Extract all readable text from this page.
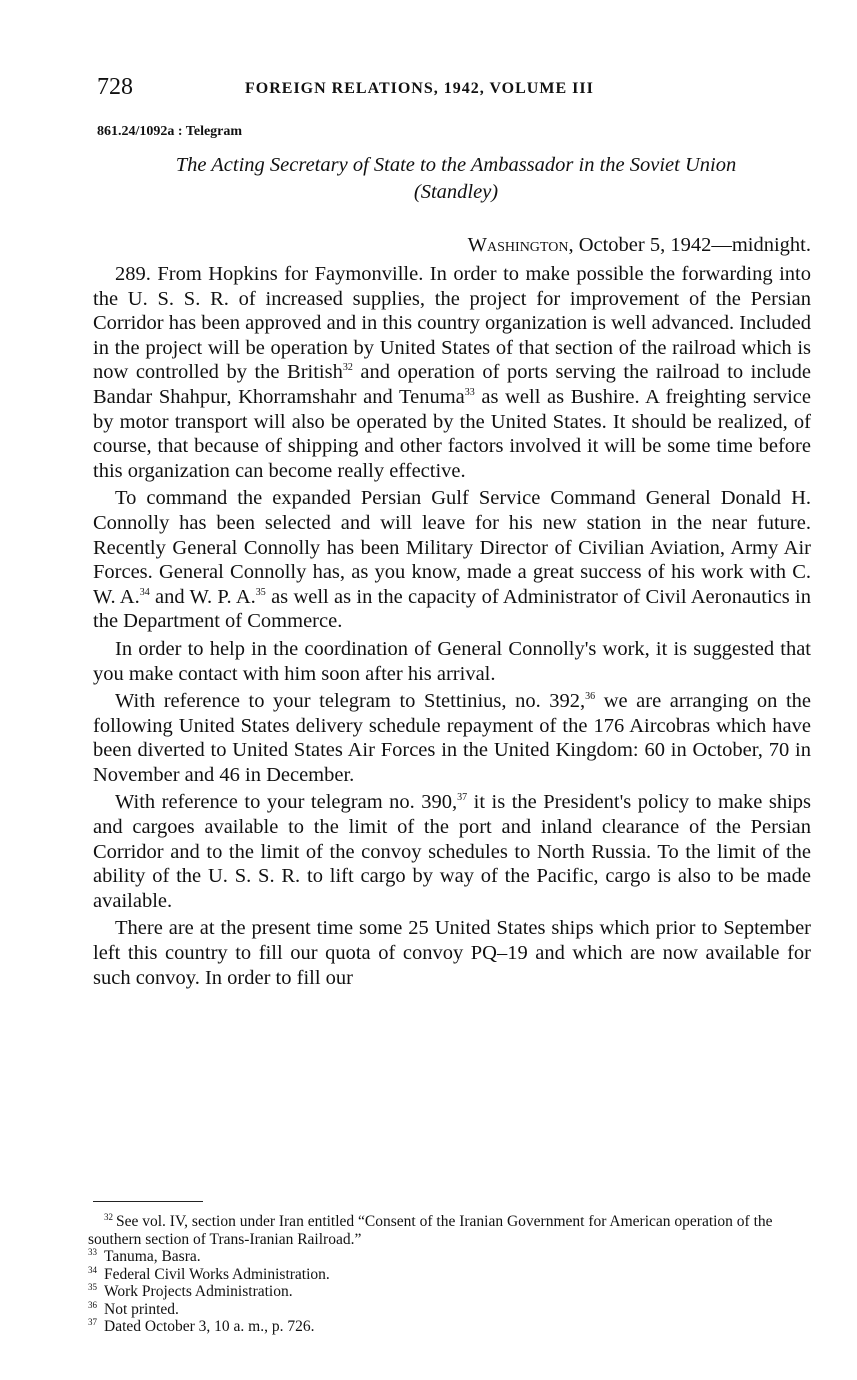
728	FOREIGN RELATIONS, 1942, VOLUME III
861.24/1092a : Telegram
The Acting Secretary of State to the Ambassador in the Soviet Union
(Standley)
Washington, October 5, 1942—midnight.

289. From Hopkins for Faymonville. In order to make possible the forwarding into the U. S. S. R. of increased supplies, the project for improvement of the Persian Corridor has been approved and in this country organization is well advanced. Included in the project will be operation by United States of that section of the railroad which is now controlled by the British$^{32}$ and operation of ports serving the railroad to include Bandar Shahpur, Khorramshahr and Tenuma$^{33}$ as well as Bushire. A freighting service by motor transport will also be operated by the United States. It should be realized, of course, that because of shipping and other factors involved it will be some time before this organization can become really effective.

To command the expanded Persian Gulf Service Command General Donald H. Connolly has been selected and will leave for his new station in the near future. Recently General Connolly has been Military Director of Civilian Aviation, Army Air Forces. General Connolly has, as you know, made a great success of his work with C. W. A.$^{34}$ and W. P. A.$^{35}$ as well as in the capacity of Administrator of Civil Aeronautics in the Department of Commerce.

In order to help in the coordination of General Connolly's work, it is suggested that you make contact with him soon after his arrival.

With reference to your telegram to Stettinius, no. 392,36 we are arranging on the following United States delivery schedule repayment of the 176 Aircobras which have been diverted to United States Air Forces in the United Kingdom: 60 in October, 70 in November and 46 in December.

With reference to your telegram no. 390,37 it is the President's policy to make ships and cargoes available to the limit of the port and inland clearance of the Persian Corridor and to the limit of the convoy schedules to North Russia. To the limit of the ability of the U. S. S. R. to lift cargo by way of the Pacific, cargo is also to be made available.

There are at the present time some 25 United States ships which prior to September left this country to fill our quota of convoy PQ–19 and which are now available for such convoy. In order to fill our

$^{32}$ See vol. IV, section under Iran entitled “Consent of the Iranian Government for American operation of the southern section of Trans-Iranian Railroad.”
33 Tanuma, Basra.
34 Federal Civil Works Administration.
35 Work Projects Administration.
36 Not printed.
37 Dated October 3, 10 a. m., p. 726.
